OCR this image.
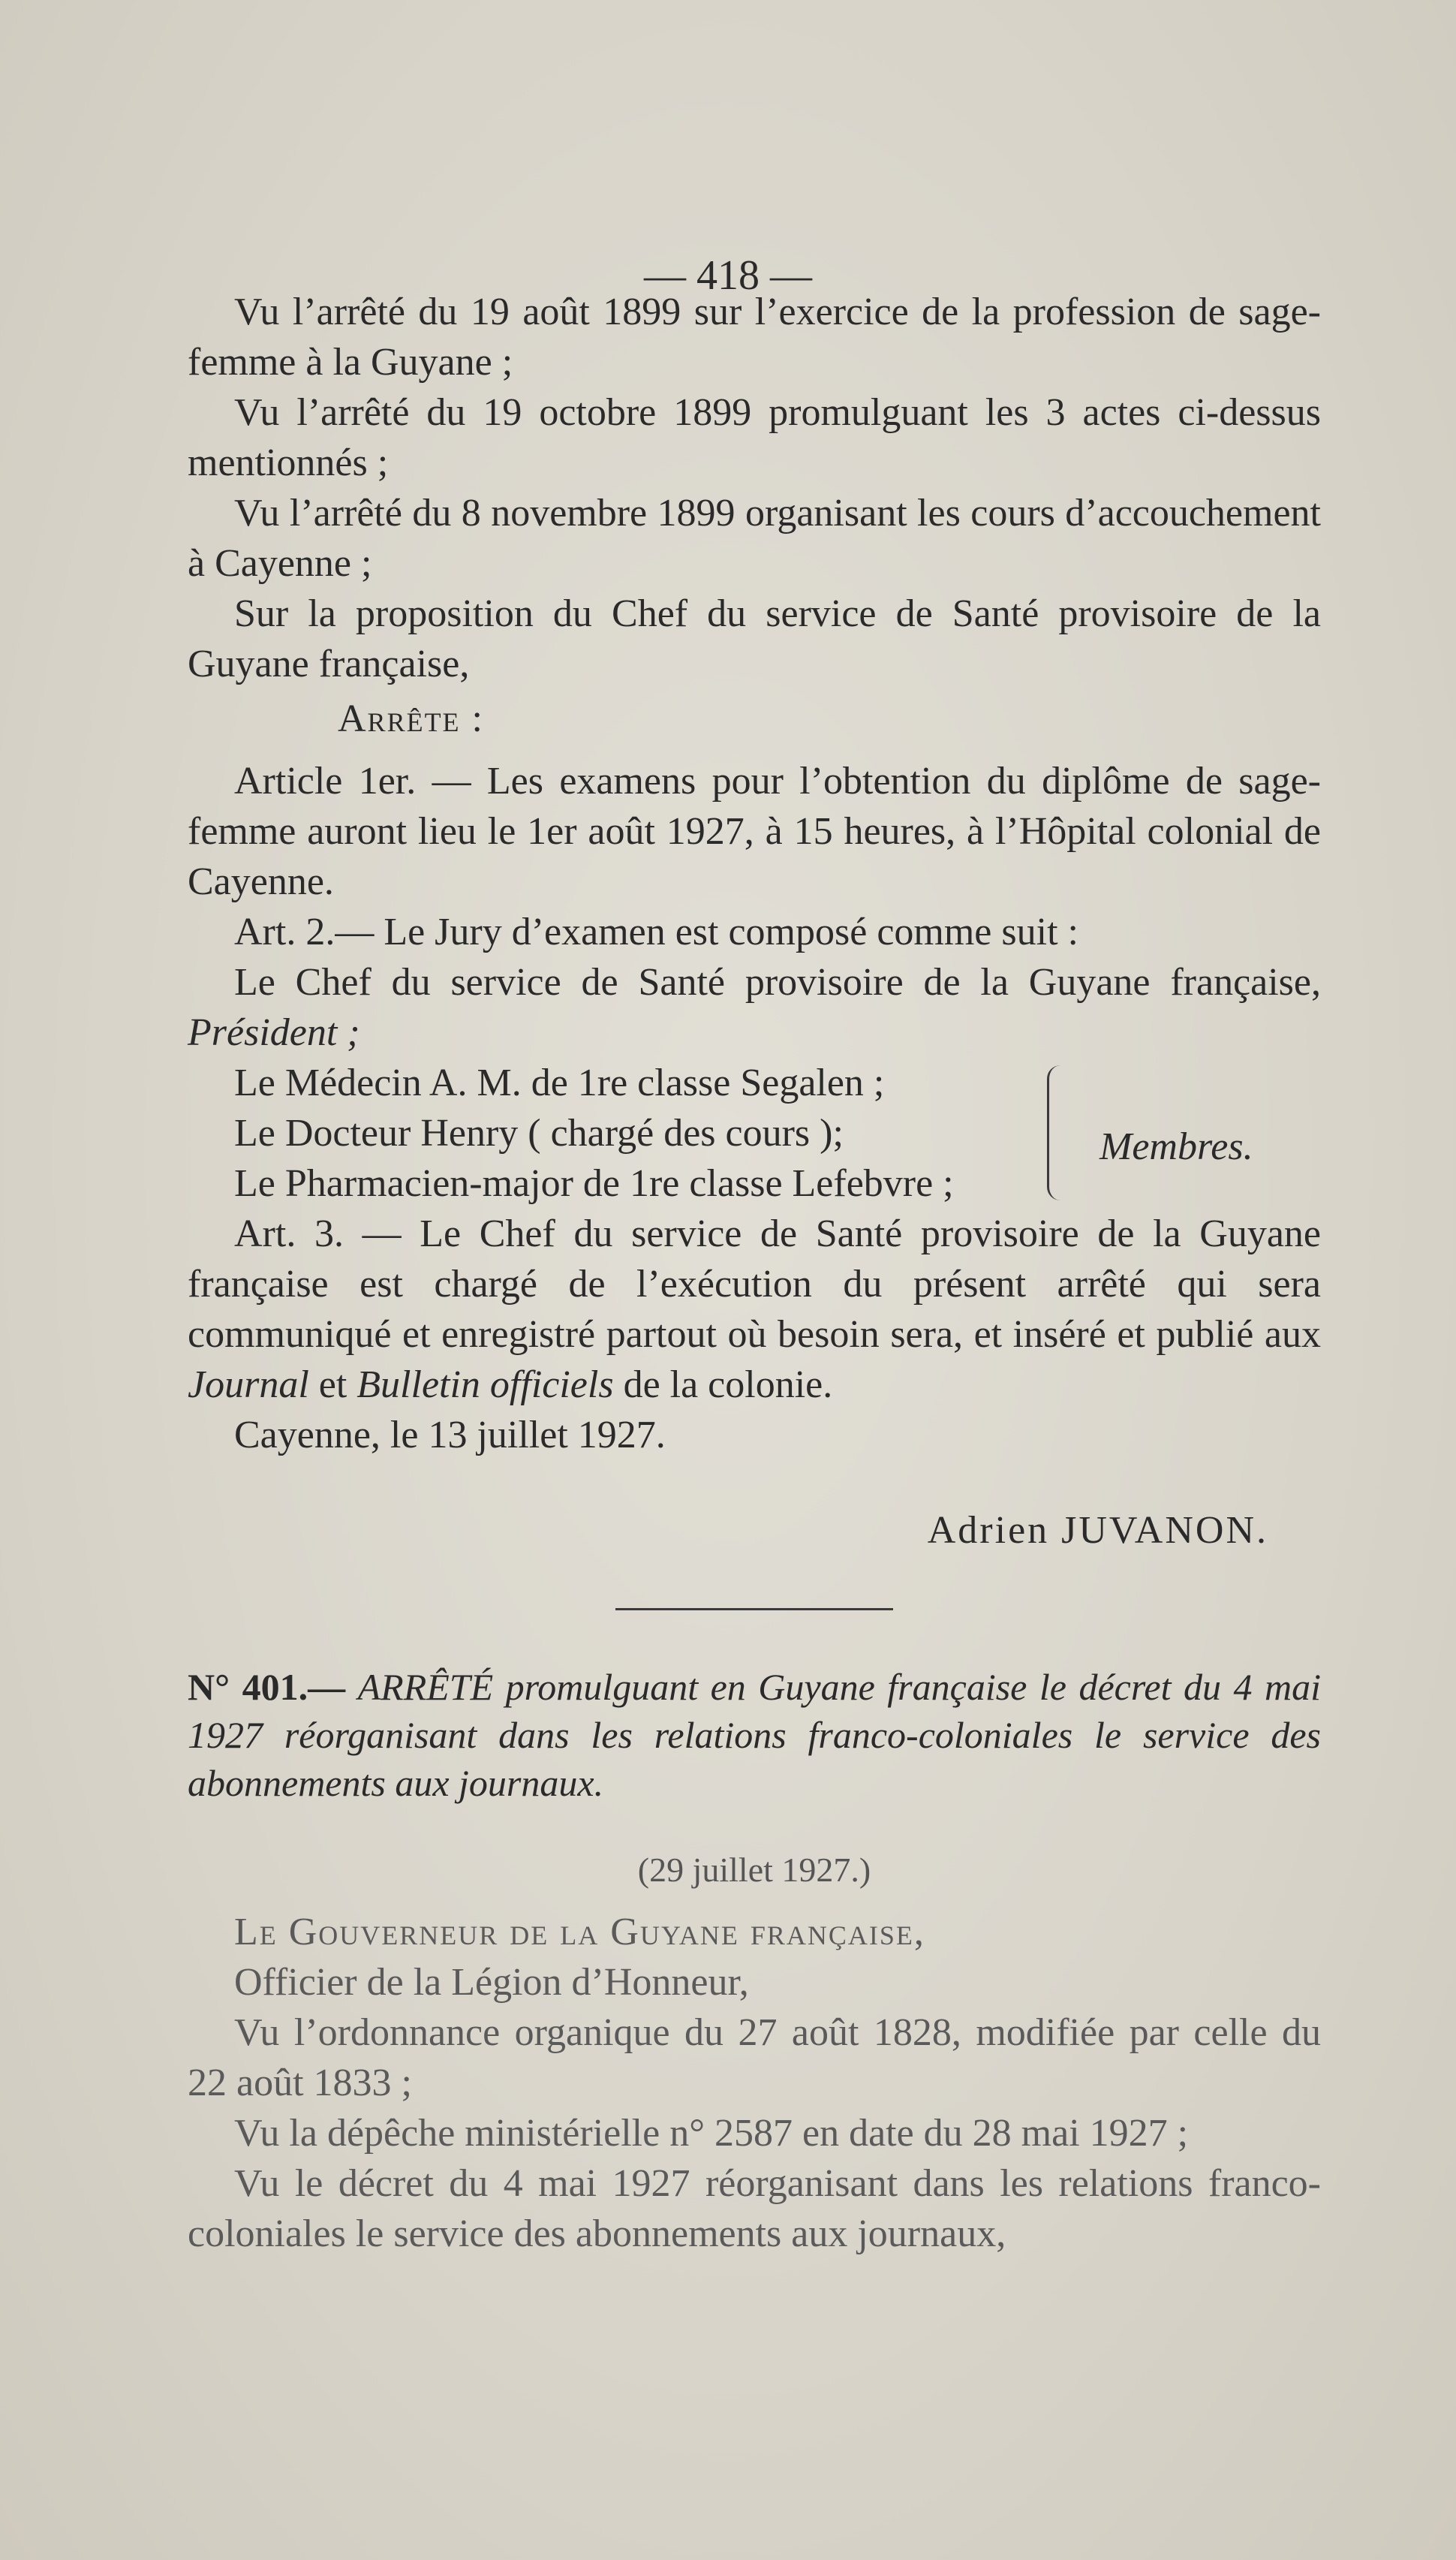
— 418 —

Vu l’arrêté du 19 août 1899 sur l’exercice de la profession de sage-femme à la Guyane ;

Vu l’arrêté du 19 octobre 1899 promulguant les 3 actes ci-dessus mentionnés ;

Vu l’arrêté du 8 novembre 1899 organisant les cours d’accouchement à Cayenne ;

Sur la proposition du Chef du service de Santé provisoire de la Guyane française,

Arrête :

Article 1er. — Les examens pour l’obtention du diplôme de sage-femme auront lieu le 1er août 1927, à 15 heures, à l’Hôpital colonial de Cayenne.

Art. 2.— Le Jury d’examen est composé comme suit :

Le Chef du service de Santé provisoire de la Guyane française, Président ;

Le Médecin A. M. de 1re classe Segalen ;
Le Docteur Henry ( chargé des cours );
Le Pharmacien-major de 1re classe Lefebvre ;
Membres.

Art. 3. — Le Chef du service de Santé provisoire de la Guyane française est chargé de l’exécution du présent arrêté qui sera communiqué et enregistré partout où besoin sera, et inséré et publié aux Journal et Bulletin officiels de la colonie.

Cayenne, le 13 juillet 1927.

Adrien JUVANON.

N° 401.— ARRÊTÉ promulguant en Guyane française le décret du 4 mai 1927 réorganisant dans les relations franco-coloniales le service des abonnements aux journaux.

(29 juillet 1927.)

Le Gouverneur de la Guyane française,

Officier de la Légion d’Honneur,

Vu l’ordonnance organique du 27 août 1828, modifiée par celle du 22 août 1833 ;

Vu la dépêche ministérielle n° 2587 en date du 28 mai 1927 ;

Vu le décret du 4 mai 1927 réorganisant dans les relations franco-coloniales le service des abonnements aux journaux,
